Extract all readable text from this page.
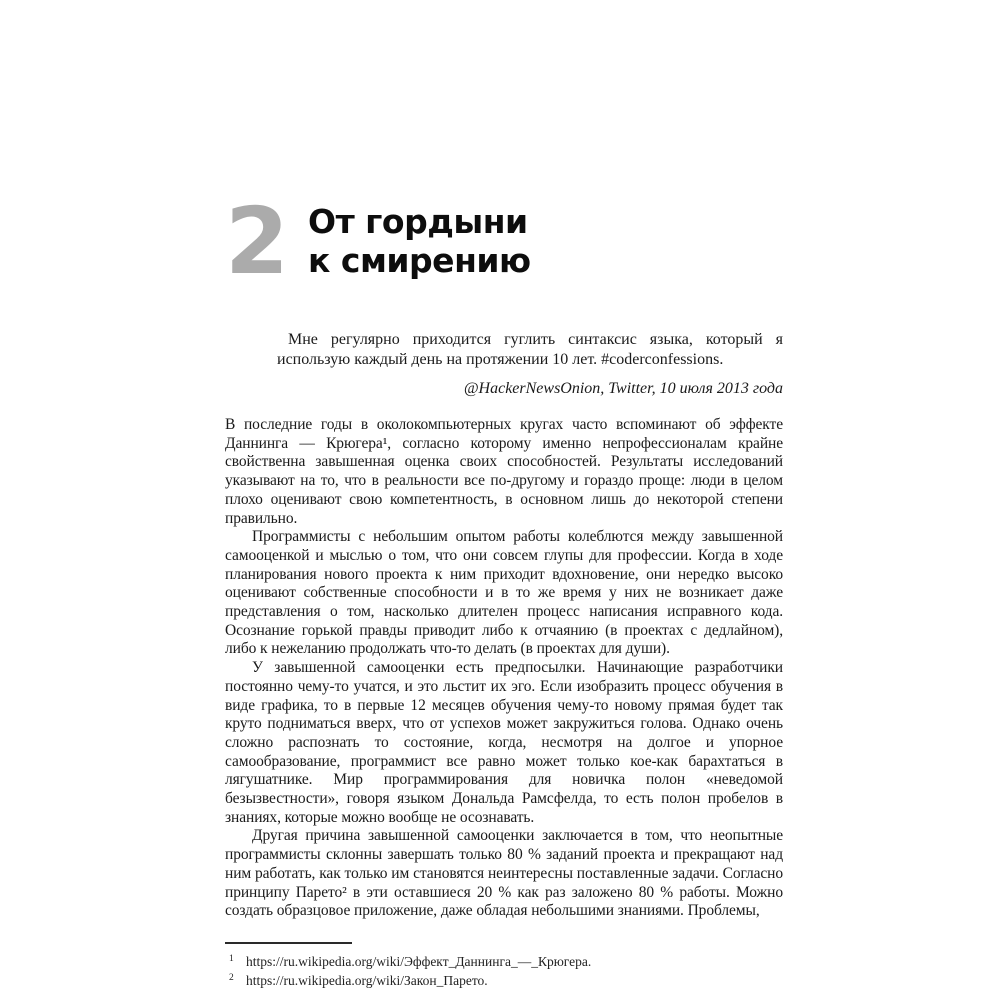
2 От гордыни
к смирению
Мне регулярно приходится гуглить синтаксис языка, который я использую каждый день на протяжении 10 лет. #coderconfessions.
@HackerNewsOnion, Twitter, 10 июля 2013 года

В последние годы в околокомпьютерных кругах часто вспоминают об эффекте Даннинга — Крюгера¹, согласно которому именно непрофессионалам крайне свойственна завышенная оценка своих способностей. Результаты исследований указывают на то, что в реальности все по-другому и гораздо проще: люди в целом плохо оценивают свою компетентность, в основном лишь до некоторой степени правильно.

Программисты с небольшим опытом работы колеблются между завышенной самооценкой и мыслью о том, что они совсем глупы для профессии. Когда в ходе планирования нового проекта к ним приходит вдохновение, они нередко высоко оценивают собственные способности и в то же время у них не возникает даже представления о том, насколько длителен процесс написания исправного кода. Осознание горькой правды приводит либо к отчаянию (в проектах с дедлайном), либо к нежеланию продолжать что-то делать (в проектах для души).

У завышенной самооценки есть предпосылки. Начинающие разработчики постоянно чему-то учатся, и это льстит их эго. Если изобразить процесс обучения в виде графика, то в первые 12 месяцев обучения чему-то новому прямая будет так круто подниматься вверх, что от успехов может закружиться голова. Однако очень сложно распознать то состояние, когда, несмотря на долгое и упорное самообразование, программист все равно может только кое-как барахтаться в лягушатнике. Мир программирования для новичка полон «неведомой безызвестности», говоря языком Дональда Рамсфелда, то есть полон пробелов в знаниях, которые можно вообще не осознавать.

Другая причина завышенной самооценки заключается в том, что неопытные программисты склонны завершать только 80 % заданий проекта и прекращают над ним работать, как только им становятся неинтересны поставленные задачи. Согласно принципу Парето² в эти оставшиеся 20 % как раз заложено 80 % работы. Можно создать образцовое приложение, даже обладая небольшими знаниями. Проблемы,

1 https://ru.wikipedia.org/wiki/Эффект_Даннинга_—_Крюгера.
2 https://ru.wikipedia.org/wiki/Закон_Парето.
